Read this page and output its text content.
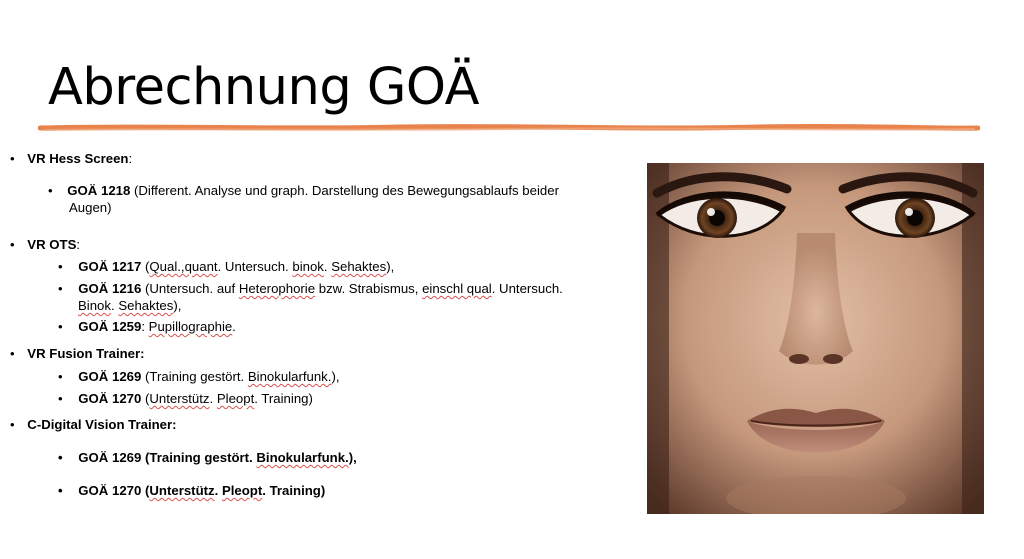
Abrechnung GOÄ
• VR Hess Screen:
• GOÄ 1218 (Different. Analyse und graph. Darstellung des Bewegungsablaufs beider
Augen)
• VR OTS:
• GOÄ 1217 (Qual.,quant. Untersuch. binok. Sehaktes),
• GOÄ 1216 (Untersuch. auf Heterophorie bzw. Strabismus, einschl qual. Untersuch.
Binok. Sehaktes),
• GOÄ 1259: Pupillographie.
• VR Fusion Trainer:
• GOÄ 1269 (Training gestört. Binokularfunk.),
• GOÄ 1270 (Unterstütz. Pleopt. Training)
• C-Digital Vision Trainer:
• GOÄ 1269 (Training gestört. Binokularfunk.),
• GOÄ 1270 (Unterstütz. Pleopt. Training)
